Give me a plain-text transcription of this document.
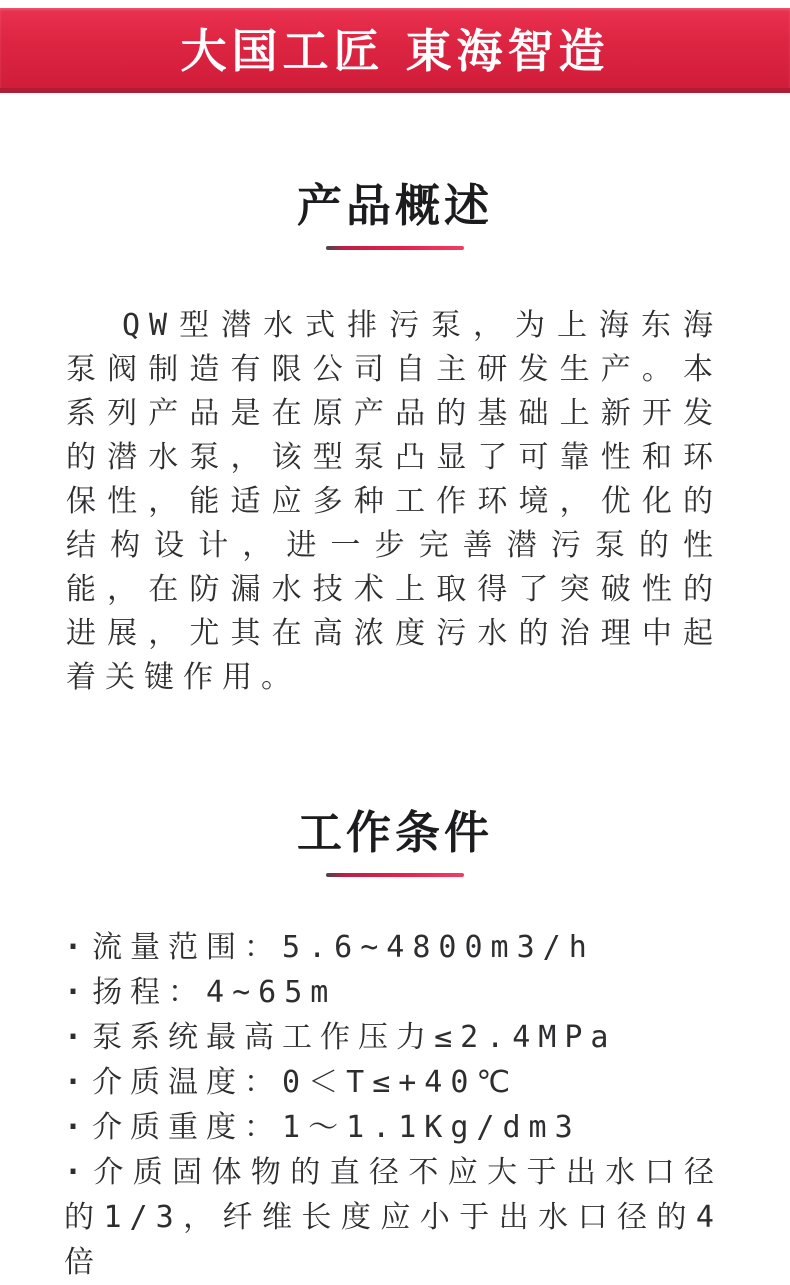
大国工匠 東海智造
产品概述

QW型潜水式排污泵，为上海东海泵阀制造有限公司自主研发生产。本系列产品是在原产品的基础上新开发的潜水泵，该型泵凸显了可靠性和环保性，能适应多种工作环境，优化的结构设计，进一步完善潜污泵的性能，在防漏水技术上取得了突破性的进展，尤其在高浓度污水的治理中起着关键作用。

工作条件
· 流量范围：5.6~4800m3/h
· 扬程：4~65m
· 泵系统最高工作压力≤2.4MPa
· 介质温度：0＜T≤+40℃
· 介质重度：1～1.1Kg/dm3
· 介质固体物的直径不应大于出水口径的1/3，纤维长度应小于出水口径的4倍
